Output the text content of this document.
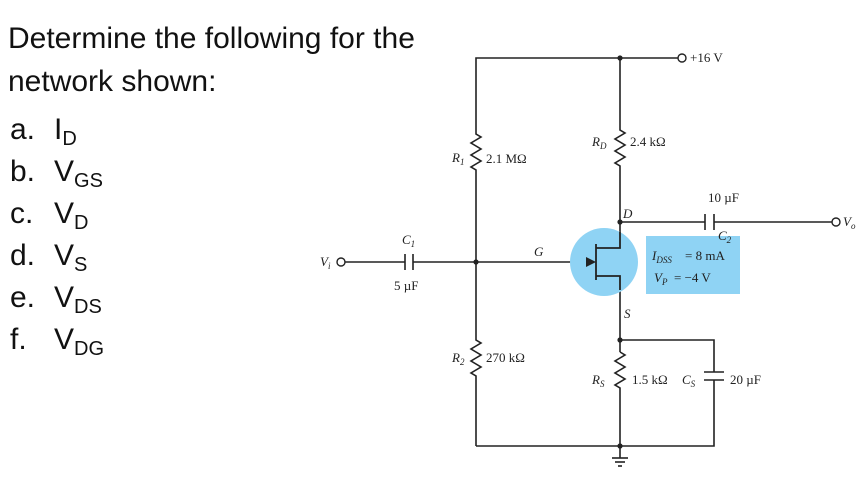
Determine the following for the
network shown:
a. $I_D$
b. $V_{GS}$
c. $V_D$
d. $V_S$
e. $V_{DS}$
f. $V_{DG}$
$I_{DSS} = 8$ mA
$V_P = -4$ V
D
G
S
+16 V
$R_1$ 2.1 MΩ
$R_2$ 270 kΩ
$R_D$ 2.4 kΩ
$R_S$ 1.5 kΩ
$C_1$
5 µF
10 µF
$C_2$
$C_S$	20 µF
$V_i$
$V_o$
